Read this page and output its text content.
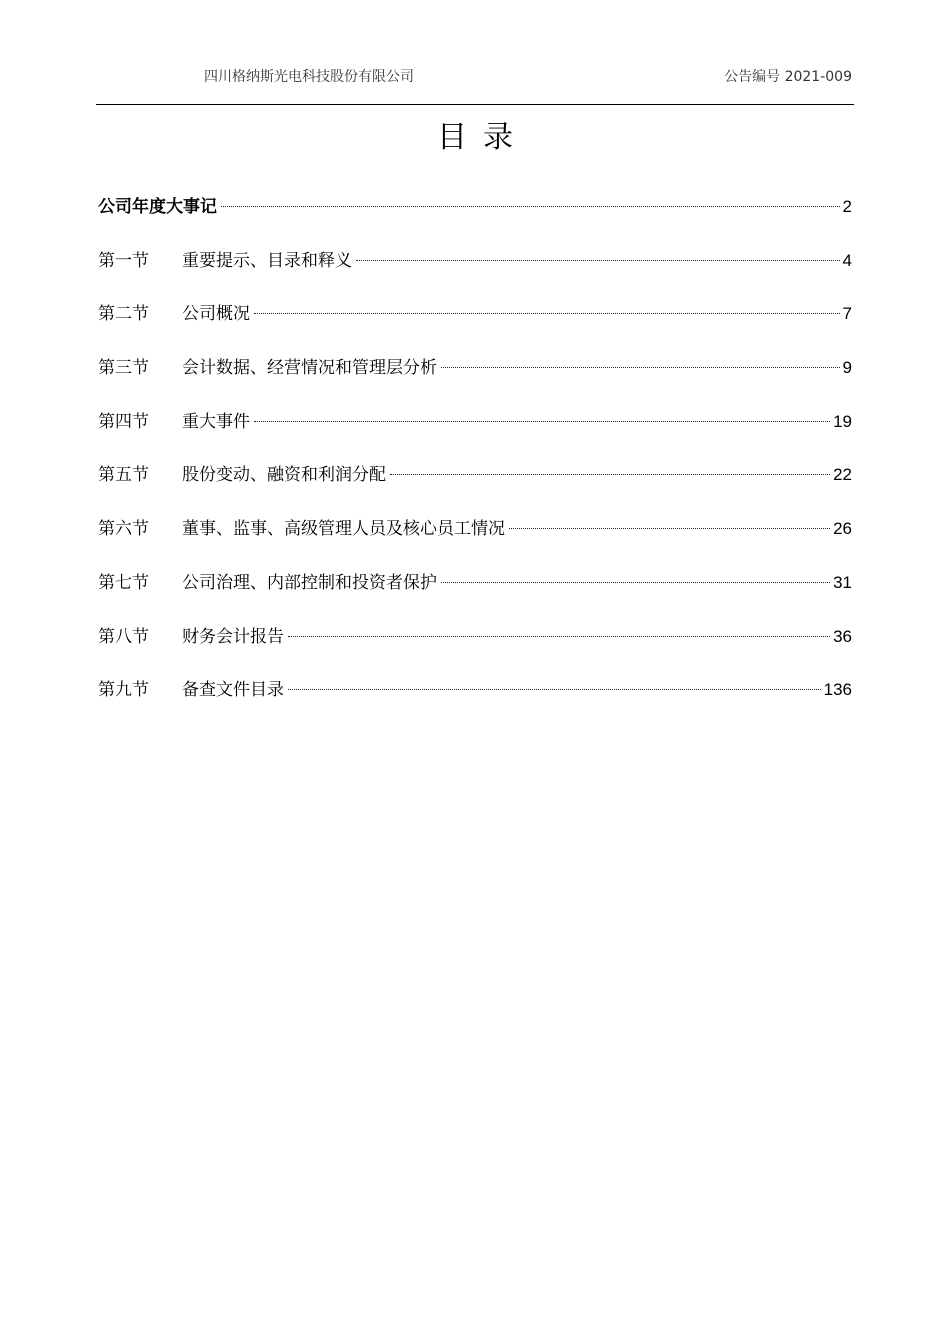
四川格纳斯光电科技股份有限公司	公告编号 2021-009
目录
公司年度大事记	2
第一节	重要提示、目录和释义	4
第二节	公司概况	7
第三节	会计数据、经营情况和管理层分析	9
第四节	重大事件	19
第五节	股份变动、融资和利润分配	22
第六节	董事、监事、高级管理人员及核心员工情况	26
第七节	公司治理、内部控制和投资者保护	31
第八节	财务会计报告	36
第九节	备查文件目录	136
